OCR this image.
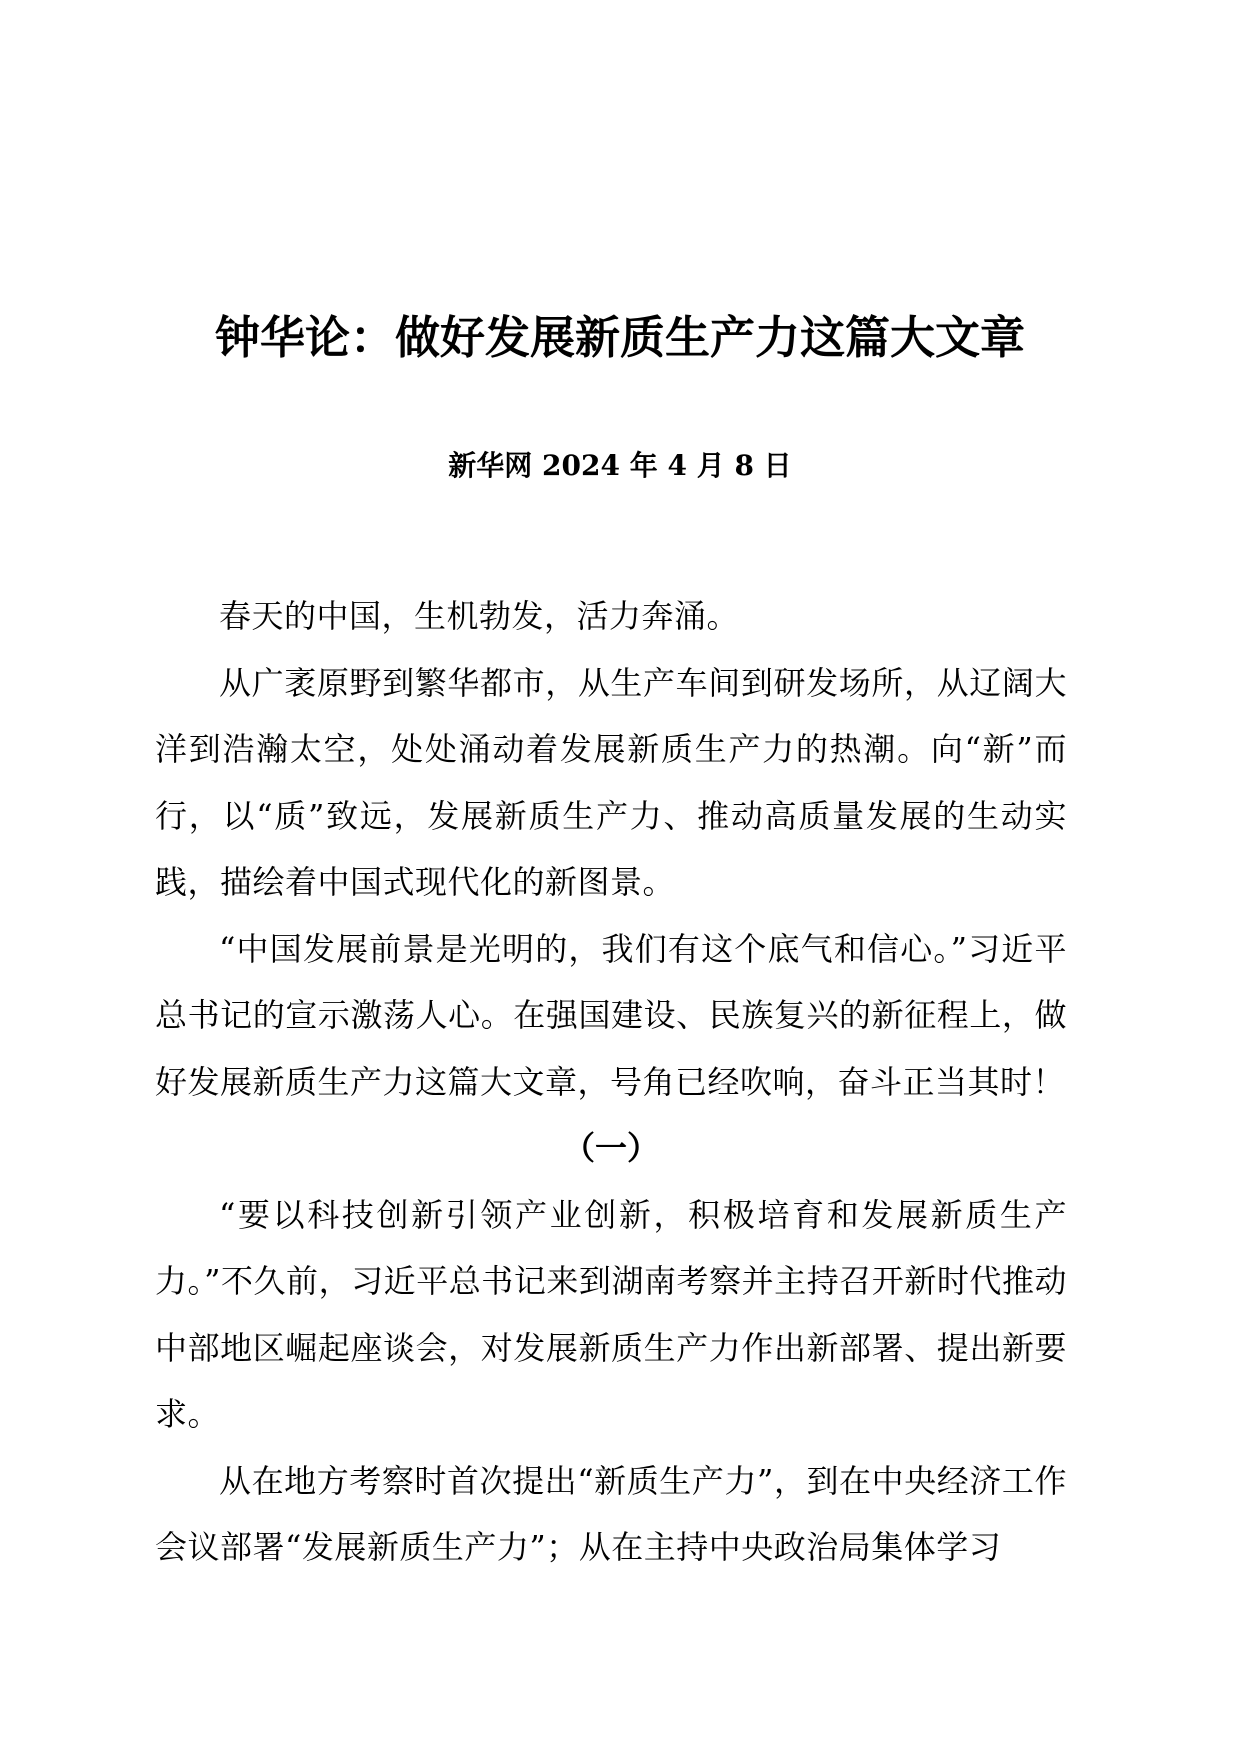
钟华论：做好发展新质生产力这篇大文章
新华网 2024 年 4 月 8 日

春天的中国，生机勃发，活力奔涌。

从广袤原野到繁华都市，从生产车间到研发场所，从辽阔大洋到浩瀚太空，处处涌动着发展新质生产力的热潮。向“新”而行，以“质”致远，发展新质生产力、推动高质量发展的生动实践，描绘着中国式现代化的新图景。

“中国发展前景是光明的，我们有这个底气和信心。”习近平总书记的宣示激荡人心。在强国建设、民族复兴的新征程上，做好发展新质生产力这篇大文章，号角已经吹响，奋斗正当其时！

（一）

“要以科技创新引领产业创新，积极培育和发展新质生产力。”不久前，习近平总书记来到湖南考察并主持召开新时代推动中部地区崛起座谈会，对发展新质生产力作出新部署、提出新要求。

从在地方考察时首次提出“新质生产力”，到在中央经济工作会议部署“发展新质生产力”；从在主持中央政治局集体学习
